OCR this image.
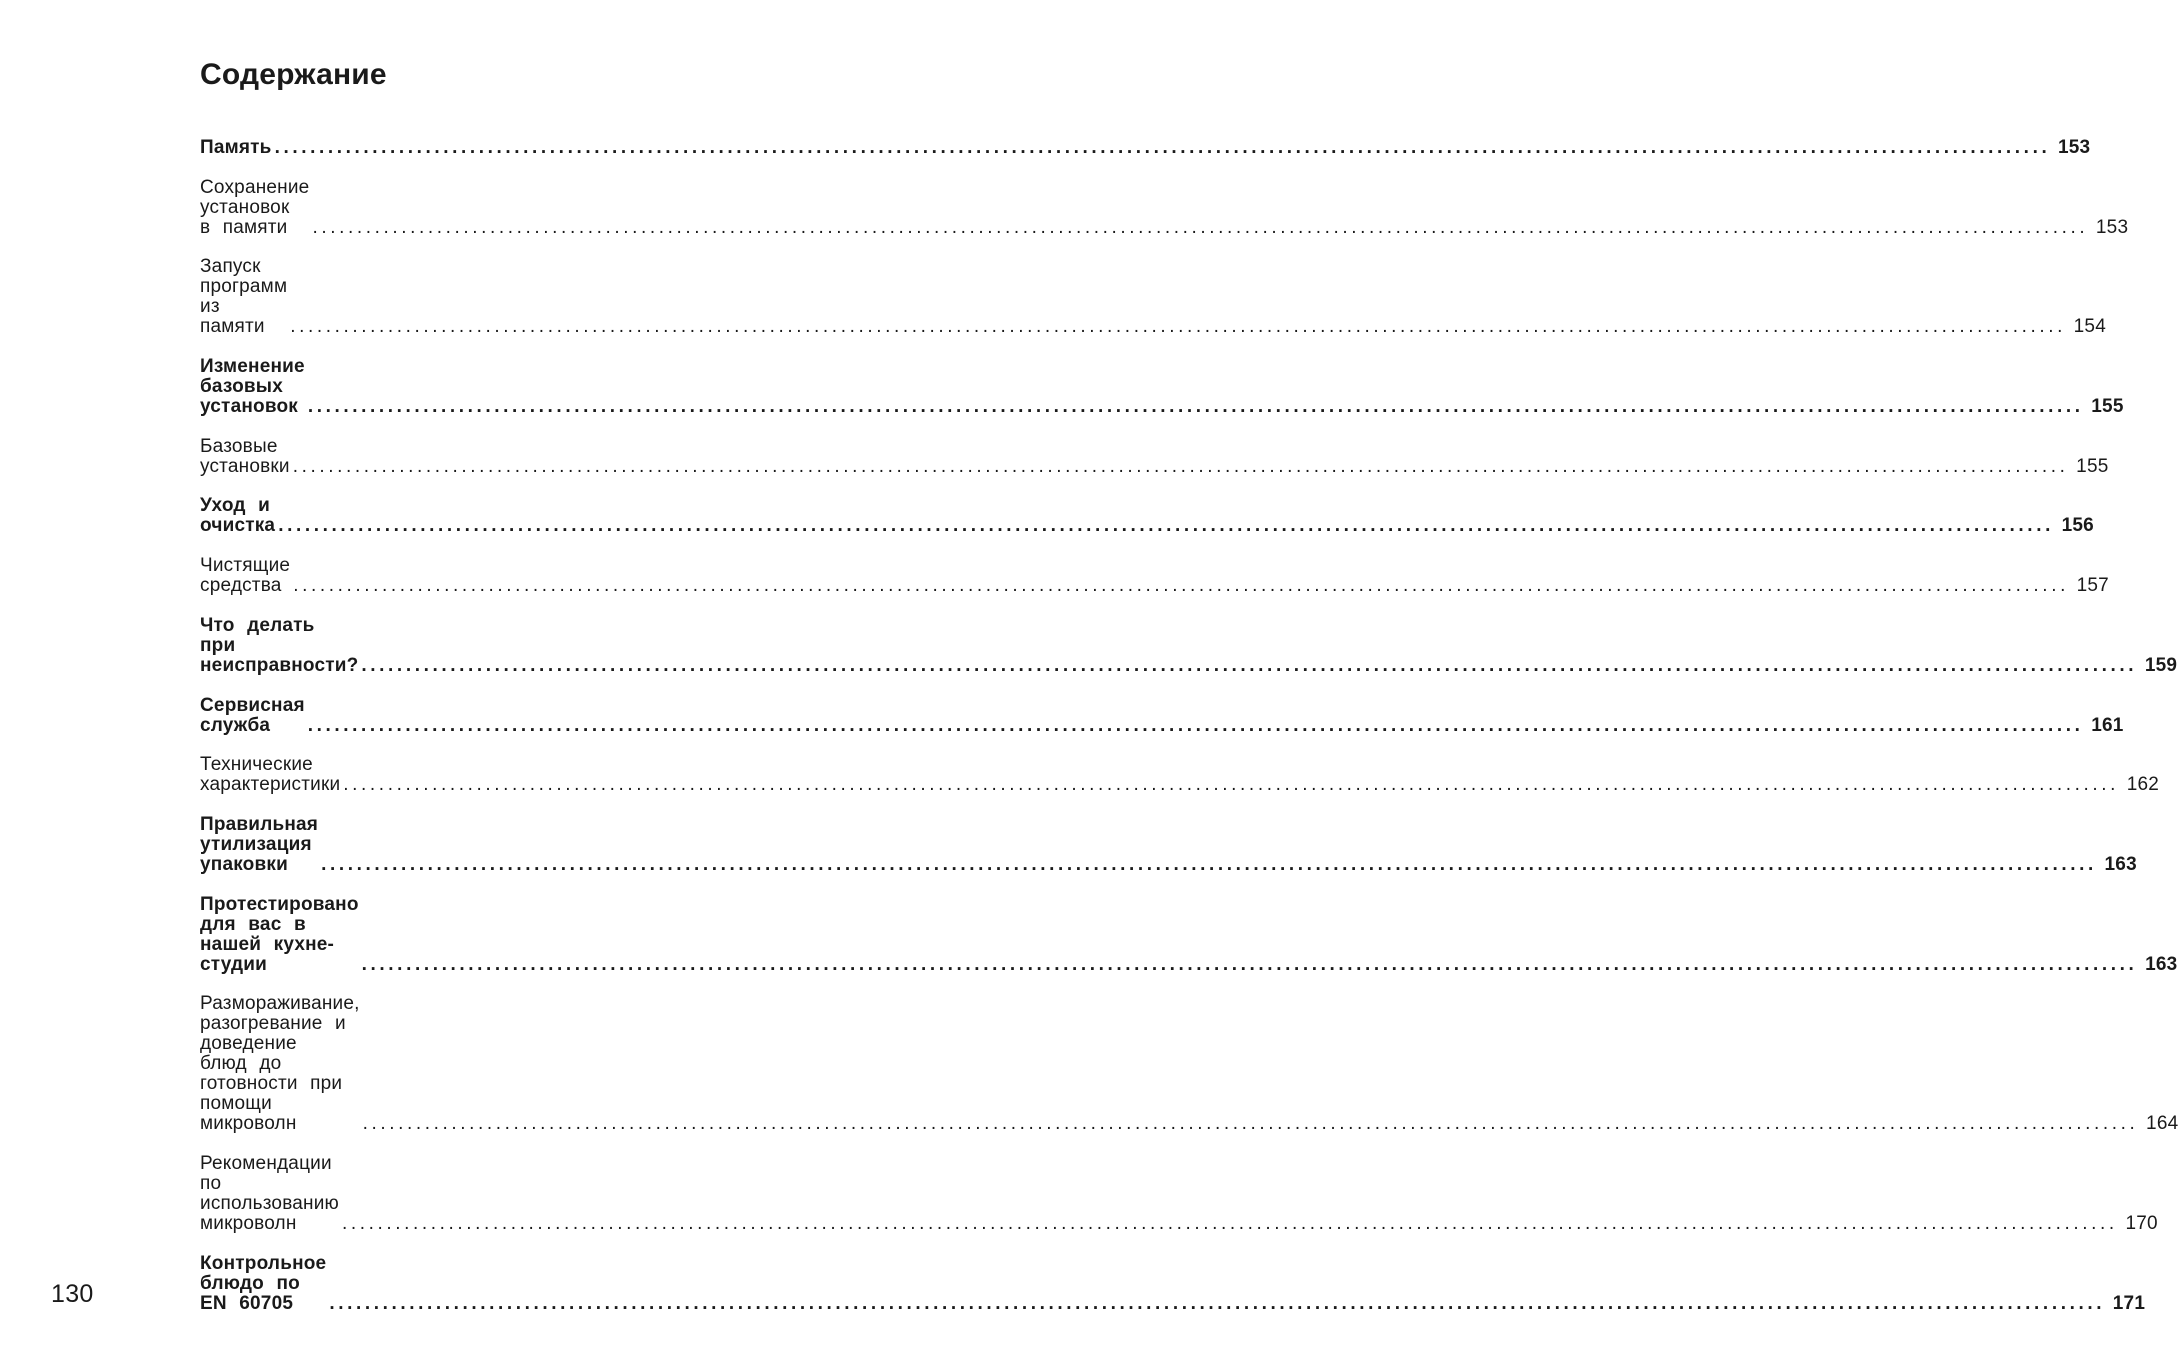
Содержание
Память ........................................................................................................................................................................................................ 153
Сохранение установок в памяти	........................................................................................................................................................................................................ 153
Запуск программ из памяти	........................................................................................................................................................................................................ 154
Изменение базовых установок ........................................................................................................................................................................................................ 155
Базовые установки ........................................................................................................................................................................................................ 155
Уход и очистка ........................................................................................................................................................................................................ 156
Чистящие средства ........................................................................................................................................................................................................ 157
Что делать при неисправности? ........................................................................................................................................................................................................ 159
Сервисная служба	........................................................................................................................................................................................................ 161
Технические характеристики ........................................................................................................................................................................................................ 162
Правильная утилизация упаковки	........................................................................................................................................................................................................ 163
Протестировано для вас в
нашей кухне-студии	........................................................................................................................................................................................................ 163
Размораживание, разогревание и доведение
блюд до готовности при помощи микроволн	........................................................................................................................................................................................................ 164
Рекомендации по использованию микроволн	........................................................................................................................................................................................................ 170
Контрольное блюдо по EN 60705	........................................................................................................................................................................................................ 171
130
